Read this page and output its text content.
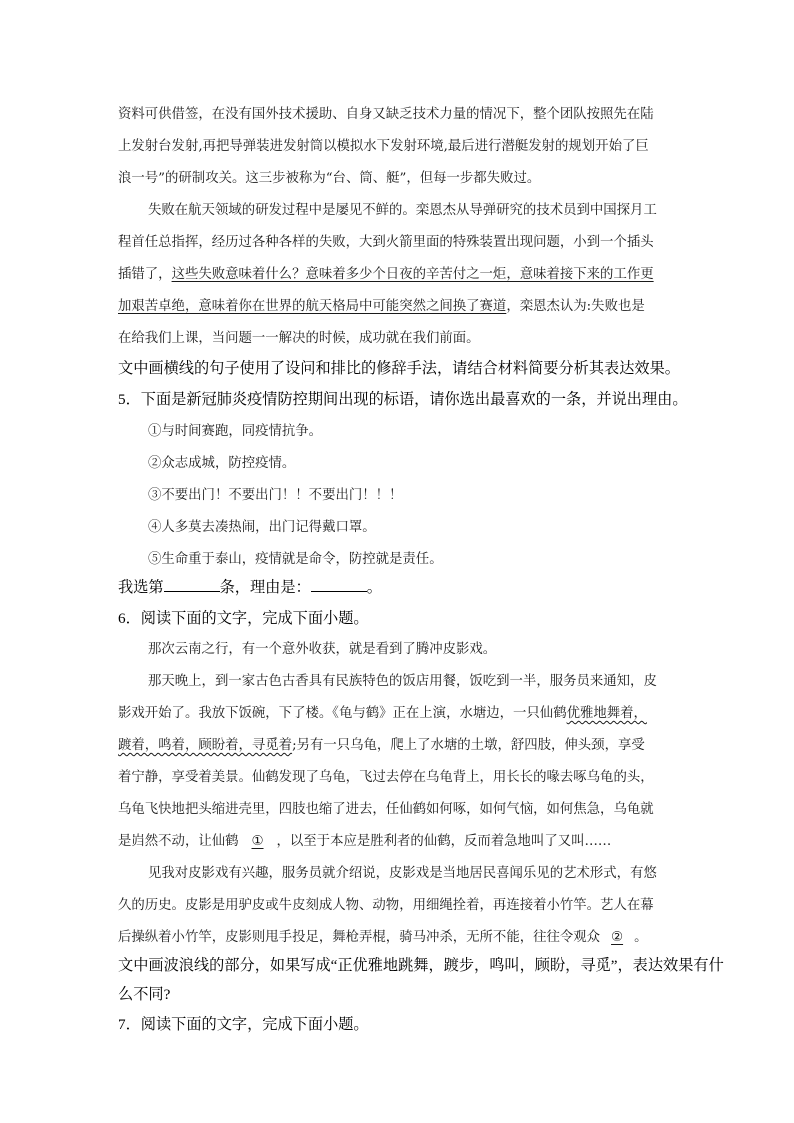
资料可供借签，在没有国外技术援助、自身又缺乏技术力量的情况下，整个团队按照先在陆
上发射台发射,再把导弹装进发射筒以模拟水下发射环境,最后进行潜艇发射的规划开始了巨
浪一号”的研制攻关。这三步被称为“台、筒、艇”，但每一步都失败过。
失败在航天领域的研发过程中是屡见不鲜的。栾恩杰从导弹研究的技术员到中国探月工
程首任总指挥，经历过各种各样的失败，大到火箭里面的特殊装置出现问题，小到一个插头
插错了，这些失败意味着什么？意味着多少个日夜的辛苦付之一炬，意味着接下来的工作更
加艰苦卓绝，意味着你在世界的航天格局中可能突然之间换了赛道，栾恩杰认为:失败也是
在给我们上课，当问题一一解决的时候，成功就在我们前面。
文中画横线的句子使用了设问和排比的修辞手法，请结合材料简要分析其表达效果。
5．下面是新冠肺炎疫情防控期间出现的标语，请你选出最喜欢的一条，并说出理由。
①与时间赛跑，同疫情抗争。
②众志成城，防控疫情。
③不要出门！不要出门！！不要出门！！！
④人多莫去凑热闹，出门记得戴口罩。
⑤生命重于泰山，疫情就是命令，防控就是责任。
我选第	条，理由是：	。
6．阅读下面的文字，完成下面小题。
那次云南之行，有一个意外收获，就是看到了腾冲皮影戏。
那天晚上，到一家古色古香具有民族特色的饭店用餐，饭吃到一半，服务员来通知，皮
影戏开始了。我放下饭碗，下了楼。《龟与鹤》正在上演，水塘边，一只仙鹤优雅地舞着，
踱着，鸣着，顾盼着，寻觅着;另有一只乌龟，爬上了水塘的土墩，舒四肢，伸头颈，享受
着宁静，享受着美景。仙鹤发现了乌龟，飞过去停在乌龟背上，用长长的喙去啄乌龟的头，
乌龟飞快地把头缩进壳里，四肢也缩了进去，任仙鹤如何啄，如何气恼，如何焦急，乌龟就
是岿然不动，让仙鹤 ① ，以至于本应是胜利者的仙鹤，反而着急地叫了又叫……
见我对皮影戏有兴趣，服务员就介绍说，皮影戏是当地居民喜闻乐见的艺术形式，有悠
久的历史。皮影是用驴皮或牛皮刻成人物、动物，用细绳拴着，再连接着小竹竿。艺人在幕
后操纵着小竹竿，皮影则甩手投足，舞枪弄棍，骑马冲杀，无所不能，往往令观众 ② 。
文中画波浪线的部分，如果写成“正优雅地跳舞，踱步，鸣叫，顾盼，寻觅”，表达效果有什
么不同?
7．阅读下面的文字，完成下面小题。
